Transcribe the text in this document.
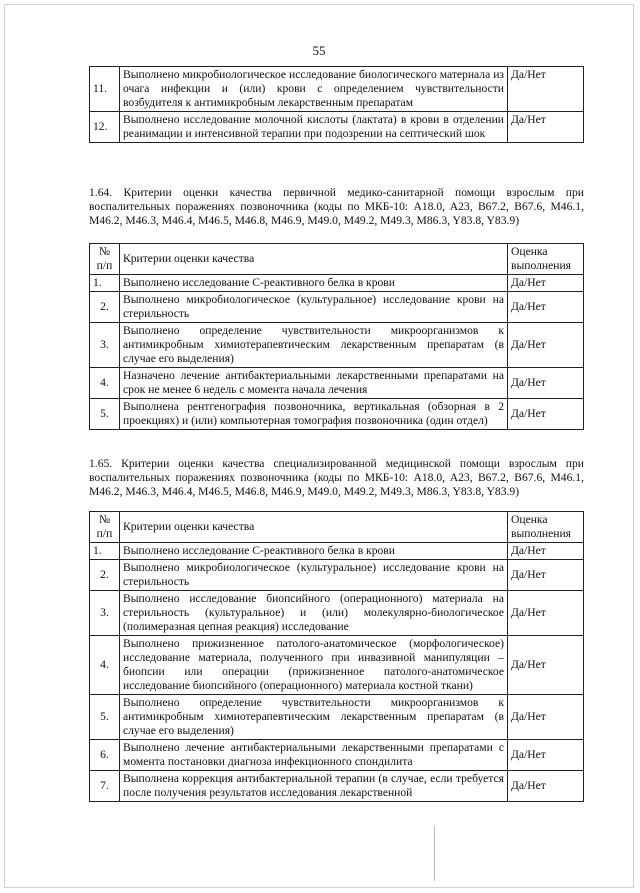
55
11.	Выполнено микробиологическое исследование биологического материала из очага инфекции и (или) крови с определением чувствительности возбудителя к антимикробным лекарственным препаратам	Да/Нет
12.	Выполнено исследование молочной кислоты (лактата) в крови в отделении реанимации и интенсивной терапии при подозрении на септический шок	Да/Нет
1.64. Критерии оценки качества первичной медико-санитарной помощи взрослым при воспалительных поражениях позвоночника (коды по МКБ-10: A18.0, A23, B67.2, B67.6, M46.1, M46.2, M46.3, M46.4, M46.5, M46.8, M46.9, M49.0, M49.2, M49.3, M86.3, Y83.8, Y83.9)
№ п/п	Критерии оценки качества	Оценка выполнения
1.	Выполнено исследование С-реактивного белка в крови	Да/Нет
2.	Выполнено микробиологическое (культуральное) исследование крови на стерильность	Да/Нет
3.	Выполнено определение чувствительности микроорганизмов к антимикробным химиотерапевтическим лекарственным препаратам (в случае его выделения)	Да/Нет
4.	Назначено лечение антибактериальными лекарственными препаратами на срок не менее 6 недель с момента начала лечения	Да/Нет
5.	Выполнена рентгенография позвоночника, вертикальная (обзорная в 2 проекциях) и (или) компьютерная томография позвоночника (один отдел)	Да/Нет
1.65. Критерии оценки качества специализированной медицинской помощи взрослым при воспалительных поражениях позвоночника (коды по МКБ-10: A18.0, A23, B67.2, B67.6, M46.1, M46.2, M46.3, M46.4, M46.5, M46.8, M46.9, M49.0, M49.2, M49.3, M86.3, Y83.8, Y83.9)
№ п/п	Критерии оценки качества	Оценка выполнения
1.	Выполнено исследование С-реактивного белка в крови	Да/Нет
2.	Выполнено микробиологическое (культуральное) исследование крови на стерильность	Да/Нет
3.	Выполнено исследование биопсийного (операционного) материала на стерильность (культуральное) и (или) молекулярно-биологическое (полимеразная цепная реакция) исследование	Да/Нет
4.	Выполнено прижизненное патолого-анатомическое (морфологическое) исследование материала, полученного при инвазивной манипуляции – биопсии или операции (прижизненное патолого-анатомическое исследование биопсийного (операционного) материала костной ткани)	Да/Нет
5.	Выполнено определение чувствительности микроорганизмов к антимикробным химиотерапевтическим лекарственным препаратам (в случае его выделения)	Да/Нет
6.	Выполнено лечение антибактериальными лекарственными препаратами с момента постановки диагноза инфекционного спондилита	Да/Нет
7.	Выполнена коррекция антибактериальной терапии (в случае, если требуется после получения результатов исследования лекарственной	Да/Нет
